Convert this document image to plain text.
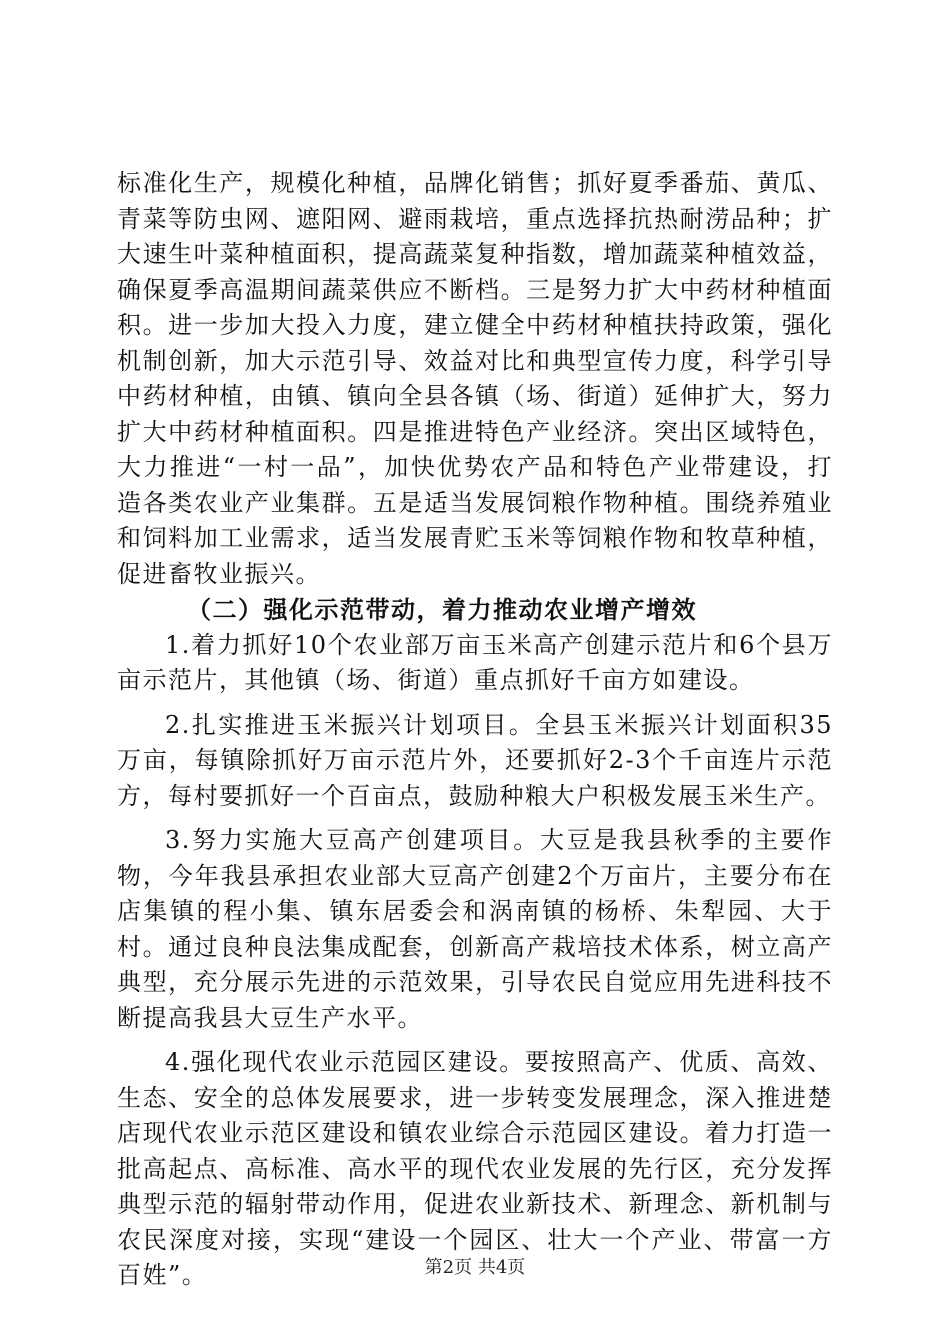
标准化生产，规模化种植，品牌化销售；抓好夏季番茄、黄瓜、青菜等防虫网、遮阳网、避雨栽培，重点选择抗热耐涝品种；扩大速生叶菜种植面积，提高蔬菜复种指数，增加蔬菜种植效益，确保夏季高温期间蔬菜供应不断档。三是努力扩大中药材种植面积。进一步加大投入力度，建立健全中药材种植扶持政策，强化机制创新，加大示范引导、效益对比和典型宣传力度，科学引导中药材种植，由镇、镇向全县各镇（场、街道）延伸扩大，努力扩大中药材种植面积。四是推进特色产业经济。突出区域特色，大力推进“一村一品”，加快优势农产品和特色产业带建设，打造各类农业产业集群。五是适当发展饲粮作物种植。围绕养殖业和饲料加工业需求，适当发展青贮玉米等饲粮作物和牧草种植，促进畜牧业振兴。

（二）强化示范带动，着力推动农业增产增效

1.着力抓好10个农业部万亩玉米高产创建示范片和6个县万亩示范片，其他镇（场、街道）重点抓好千亩方如建设。

2.扎实推进玉米振兴计划项目。全县玉米振兴计划面积35万亩，每镇除抓好万亩示范片外，还要抓好2-3个千亩连片示范方，每村要抓好一个百亩点，鼓励种粮大户积极发展玉米生产。

3.努力实施大豆高产创建项目。大豆是我县秋季的主要作物，今年我县承担农业部大豆高产创建2个万亩片，主要分布在店集镇的程小集、镇东居委会和涡南镇的杨桥、朱犁园、大于村。通过良种良法集成配套，创新高产栽培技术体系，树立高产典型，充分展示先进的示范效果，引导农民自觉应用先进科技不断提高我县大豆生产水平。

4.强化现代农业示范园区建设。要按照高产、优质、高效、生态、安全的总体发展要求，进一步转变发展理念，深入推进楚店现代农业示范区建设和镇农业综合示范园区建设。着力打造一批高起点、高标准、高水平的现代农业发展的先行区，充分发挥典型示范的辐射带动作用，促进农业新技术、新理念、新机制与农民深度对接，实现“建设一个园区、壮大一个产业、带富一方百姓”。	第2页 共4页
